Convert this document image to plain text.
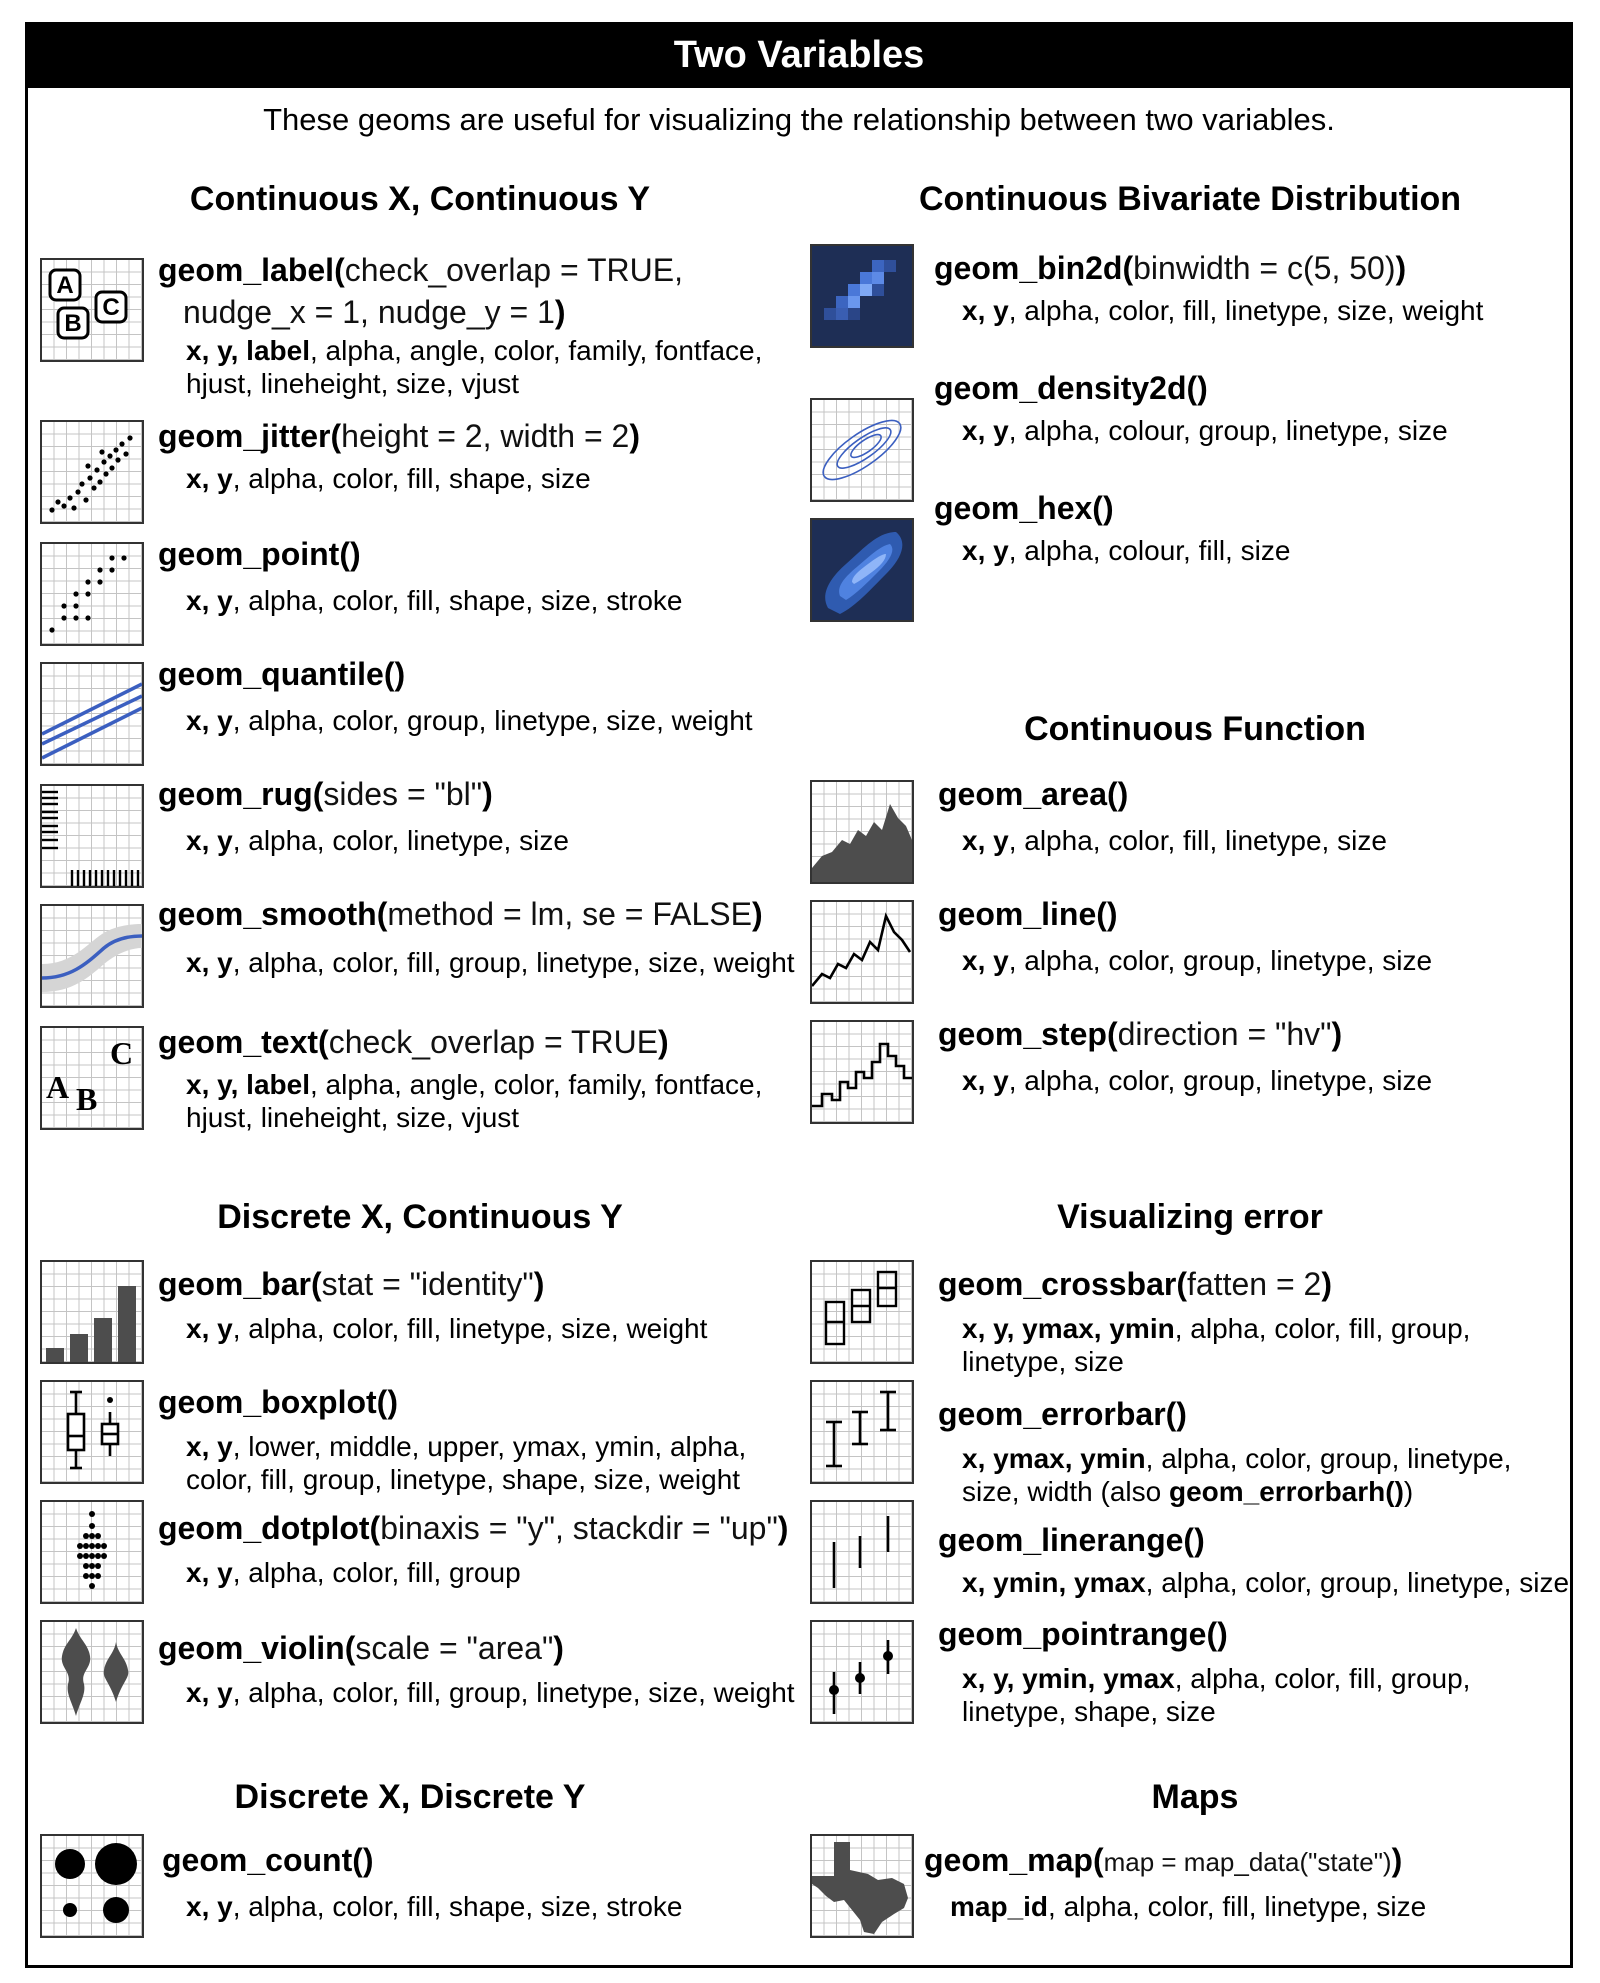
Two Variables
These geoms are useful for visualizing the relationship between two variables.
Continuous X, Continuous Y	Continuous Bivariate Distribution
Continuous Function
Discrete X, Continuous Y	Visualizing error
Discrete X, Discrete Y	Maps
A
C
B
geom_label(check_overlap = TRUE,
nudge_x = 1, nudge_y = 1)
x, y, label, alpha, angle, color, family, fontface, hjust, lineheight, size, vjust
geom_jitter(height = 2, width = 2)
x, y, alpha, color, fill, shape, size
geom_point()
x, y, alpha, color, fill, shape, size, stroke
geom_quantile()
x, y, alpha, color, group, linetype, size, weight
geom_rug(sides = "bl")
x, y, alpha, color, linetype, size
geom_smooth(method = lm, se = FALSE)
x, y, alpha, color, fill, group, linetype, size, weight
A B
C geom_text(check_overlap = TRUE)
x, y, label, alpha, angle, color, family, fontface, hjust, lineheight, size, vjust
geom_bar(stat = "identity")
x, y, alpha, color, fill, linetype, size, weight
geom_boxplot()
x, y, lower, middle, upper, ymax, ymin, alpha, color, fill, group, linetype, shape, size, weight
geom_dotplot(binaxis = "y", stackdir = "up")
x, y, alpha, color, fill, group
geom_violin(scale = "area")
x, y, alpha, color, fill, group, linetype, size, weight
geom_count()
x, y, alpha, color, fill, shape, size, stroke
geom_bin2d(binwidth = c(5, 50))
x, y, alpha, color, fill, linetype, size, weight
geom_density2d()
x, y, alpha, colour, group, linetype, size
geom_hex()
x, y, alpha, colour, fill, size
geom_area()
x, y, alpha, color, fill, linetype, size
geom_line()
x, y, alpha, color, group, linetype, size
geom_step(direction = "hv")
x, y, alpha, color, group, linetype, size
geom_crossbar(fatten = 2)
x, y, ymax, ymin, alpha, color, fill, group, linetype, size
geom_errorbar()
x, ymax, ymin, alpha, color, group, linetype, size, width (also geom_errorbarh())
geom_linerange()
x, ymin, ymax, alpha, color, group, linetype, size
geom_pointrange()
x, y, ymin, ymax, alpha, color, fill, group, linetype, shape, size
geom_map(map = map_data("state"))
map_id, alpha, color, fill, linetype, size
